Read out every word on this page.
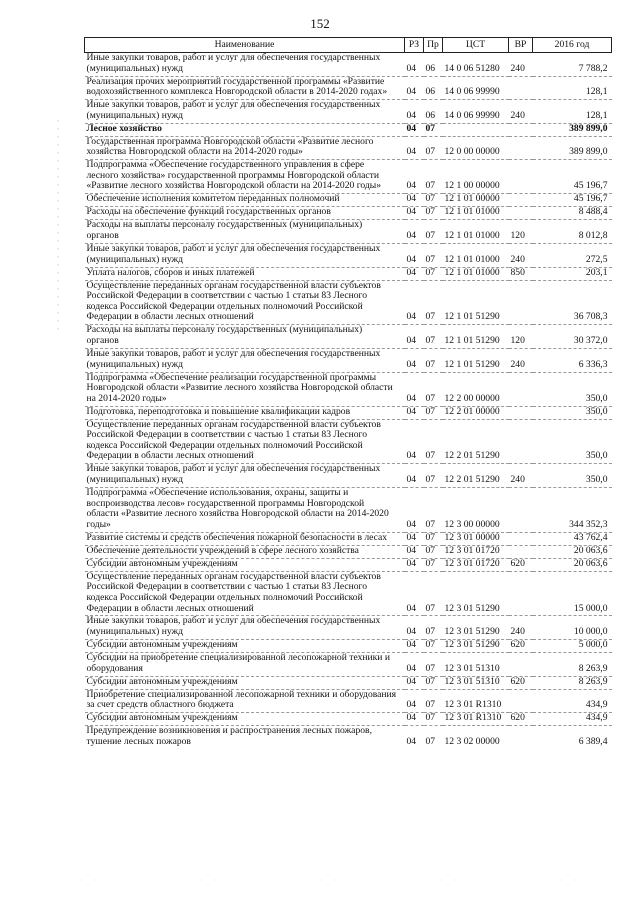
152
Наименование	РЗ	Пр	ЦСТ	ВР	2016 год
Иные закупки товаров, работ и услуг для обеспечения государственных (муниципальных) нужд	04	06	14 0 06 51280	240	7 788,2
Реализация прочих мероприятий государственной программы «Развитие водохозяйственного комплекса Новгородской области в 2014-2020 годах»	04	06	14 0 06 99990		128,1
Иные закупки товаров, работ и услуг для обеспечения государственных (муниципальных) нужд	04	06	14 0 06 99990	240	128,1
Лесное хозяйство	04	07			389 899,0
Государственная программа Новгородской области «Развитие лесного хозяйства Новгородской области на 2014-2020 годы»	04	07	12 0 00 00000		389 899,0
Подпрограмма «Обеспечение государственного управления в сфере лесного хозяйства» государственной программы Новгородской области «Развитие лесного хозяйства Новгородской области на 2014-2020 годы»	04	07	12 1 00 00000		45 196,7
Обеспечение исполнения комитетом переданных полномочий	04	07	12 1 01 00000		45 196,7
Расходы на обеспечение функций государственных органов	04	07	12 1 01 01000		8 488,4
Расходы на выплаты персоналу государственных (муниципальных) органов	04	07	12 1 01 01000	120	8 012,8
Иные закупки товаров, работ и услуг для обеспечения государственных (муниципальных) нужд	04	07	12 1 01 01000	240	272,5
Уплата налогов, сборов и иных платежей	04	07	12 1 01 01000	850	203,1
Осуществление переданных органам государственной власти субъектов Российской Федерации в соответствии с частью 1 статьи 83 Лесного кодекса Российской Федерации отдельных полномочий Российской Федерации в области лесных отношений	04	07	12 1 01 51290		36 708,3
Расходы на выплаты персоналу государственных (муниципальных) органов	04	07	12 1 01 51290	120	30 372,0
Иные закупки товаров, работ и услуг для обеспечения государственных (муниципальных) нужд	04	07	12 1 01 51290	240	6 336,3
Подпрограмма «Обеспечение реализации государственной программы Новгородской области «Развитие лесного хозяйства Новгородской области на 2014-2020 годы»	04	07	12 2 00 00000		350,0
Подготовка, переподготовка и повышение квалификации кадров	04	07	12 2 01 00000		350,0
Осуществление переданных органам государственной власти субъектов Российской Федерации в соответствии с частью 1 статьи 83 Лесного кодекса Российской Федерации отдельных полномочий Российской Федерации в области лесных отношений	04	07	12 2 01 51290		350,0
Иные закупки товаров, работ и услуг для обеспечения государственных (муниципальных) нужд	04	07	12 2 01 51290	240	350,0
Подпрограмма «Обеспечение использования, охраны, защиты и воспроизводства лесов» государственной программы Новгородской области «Развитие лесного хозяйства Новгородской области на 2014-2020 годы»	04	07	12 3 00 00000		344 352,3
Развитие системы и средств обеспечения пожарной безопасности в лесах	04	07	12 3 01 00000		43 762,4
Обеспечение деятельности учреждений в сфере лесного хозяйства	04	07	12 3 01 01720		20 063,6
Субсидии автономным учреждениям	04	07	12 3 01 01720	620	20 063,6
Осуществление переданных органам государственной власти субъектов Российской Федерации в соответствии с частью 1 статьи 83 Лесного кодекса Российской Федерации отдельных полномочий Российской Федерации в области лесных отношений	04	07	12 3 01 51290		15 000,0
Иные закупки товаров, работ и услуг для обеспечения государственных (муниципальных) нужд	04	07	12 3 01 51290	240	10 000,0
Субсидии автономным учреждениям	04	07	12 3 01 51290	620	5 000,0
Субсидии на приобретение специализированной лесопожарной техники и оборудования	04	07	12 3 01 51310		8 263,9
Субсидии автономным учреждениям	04	07	12 3 01 51310	620	8 263,9
Приобретение специализированной лесопожарной техники и оборудования за счет средств областного бюджета	04	07	12 3 01 R1310		434,9
Субсидии автономным учреждениям	04	07	12 3 01 R1310	620	434,9
Предупреждение возникновения и распространения лесных пожаров, тушение лесных пожаров	04	07	12 3 02 00000		6 389,4
